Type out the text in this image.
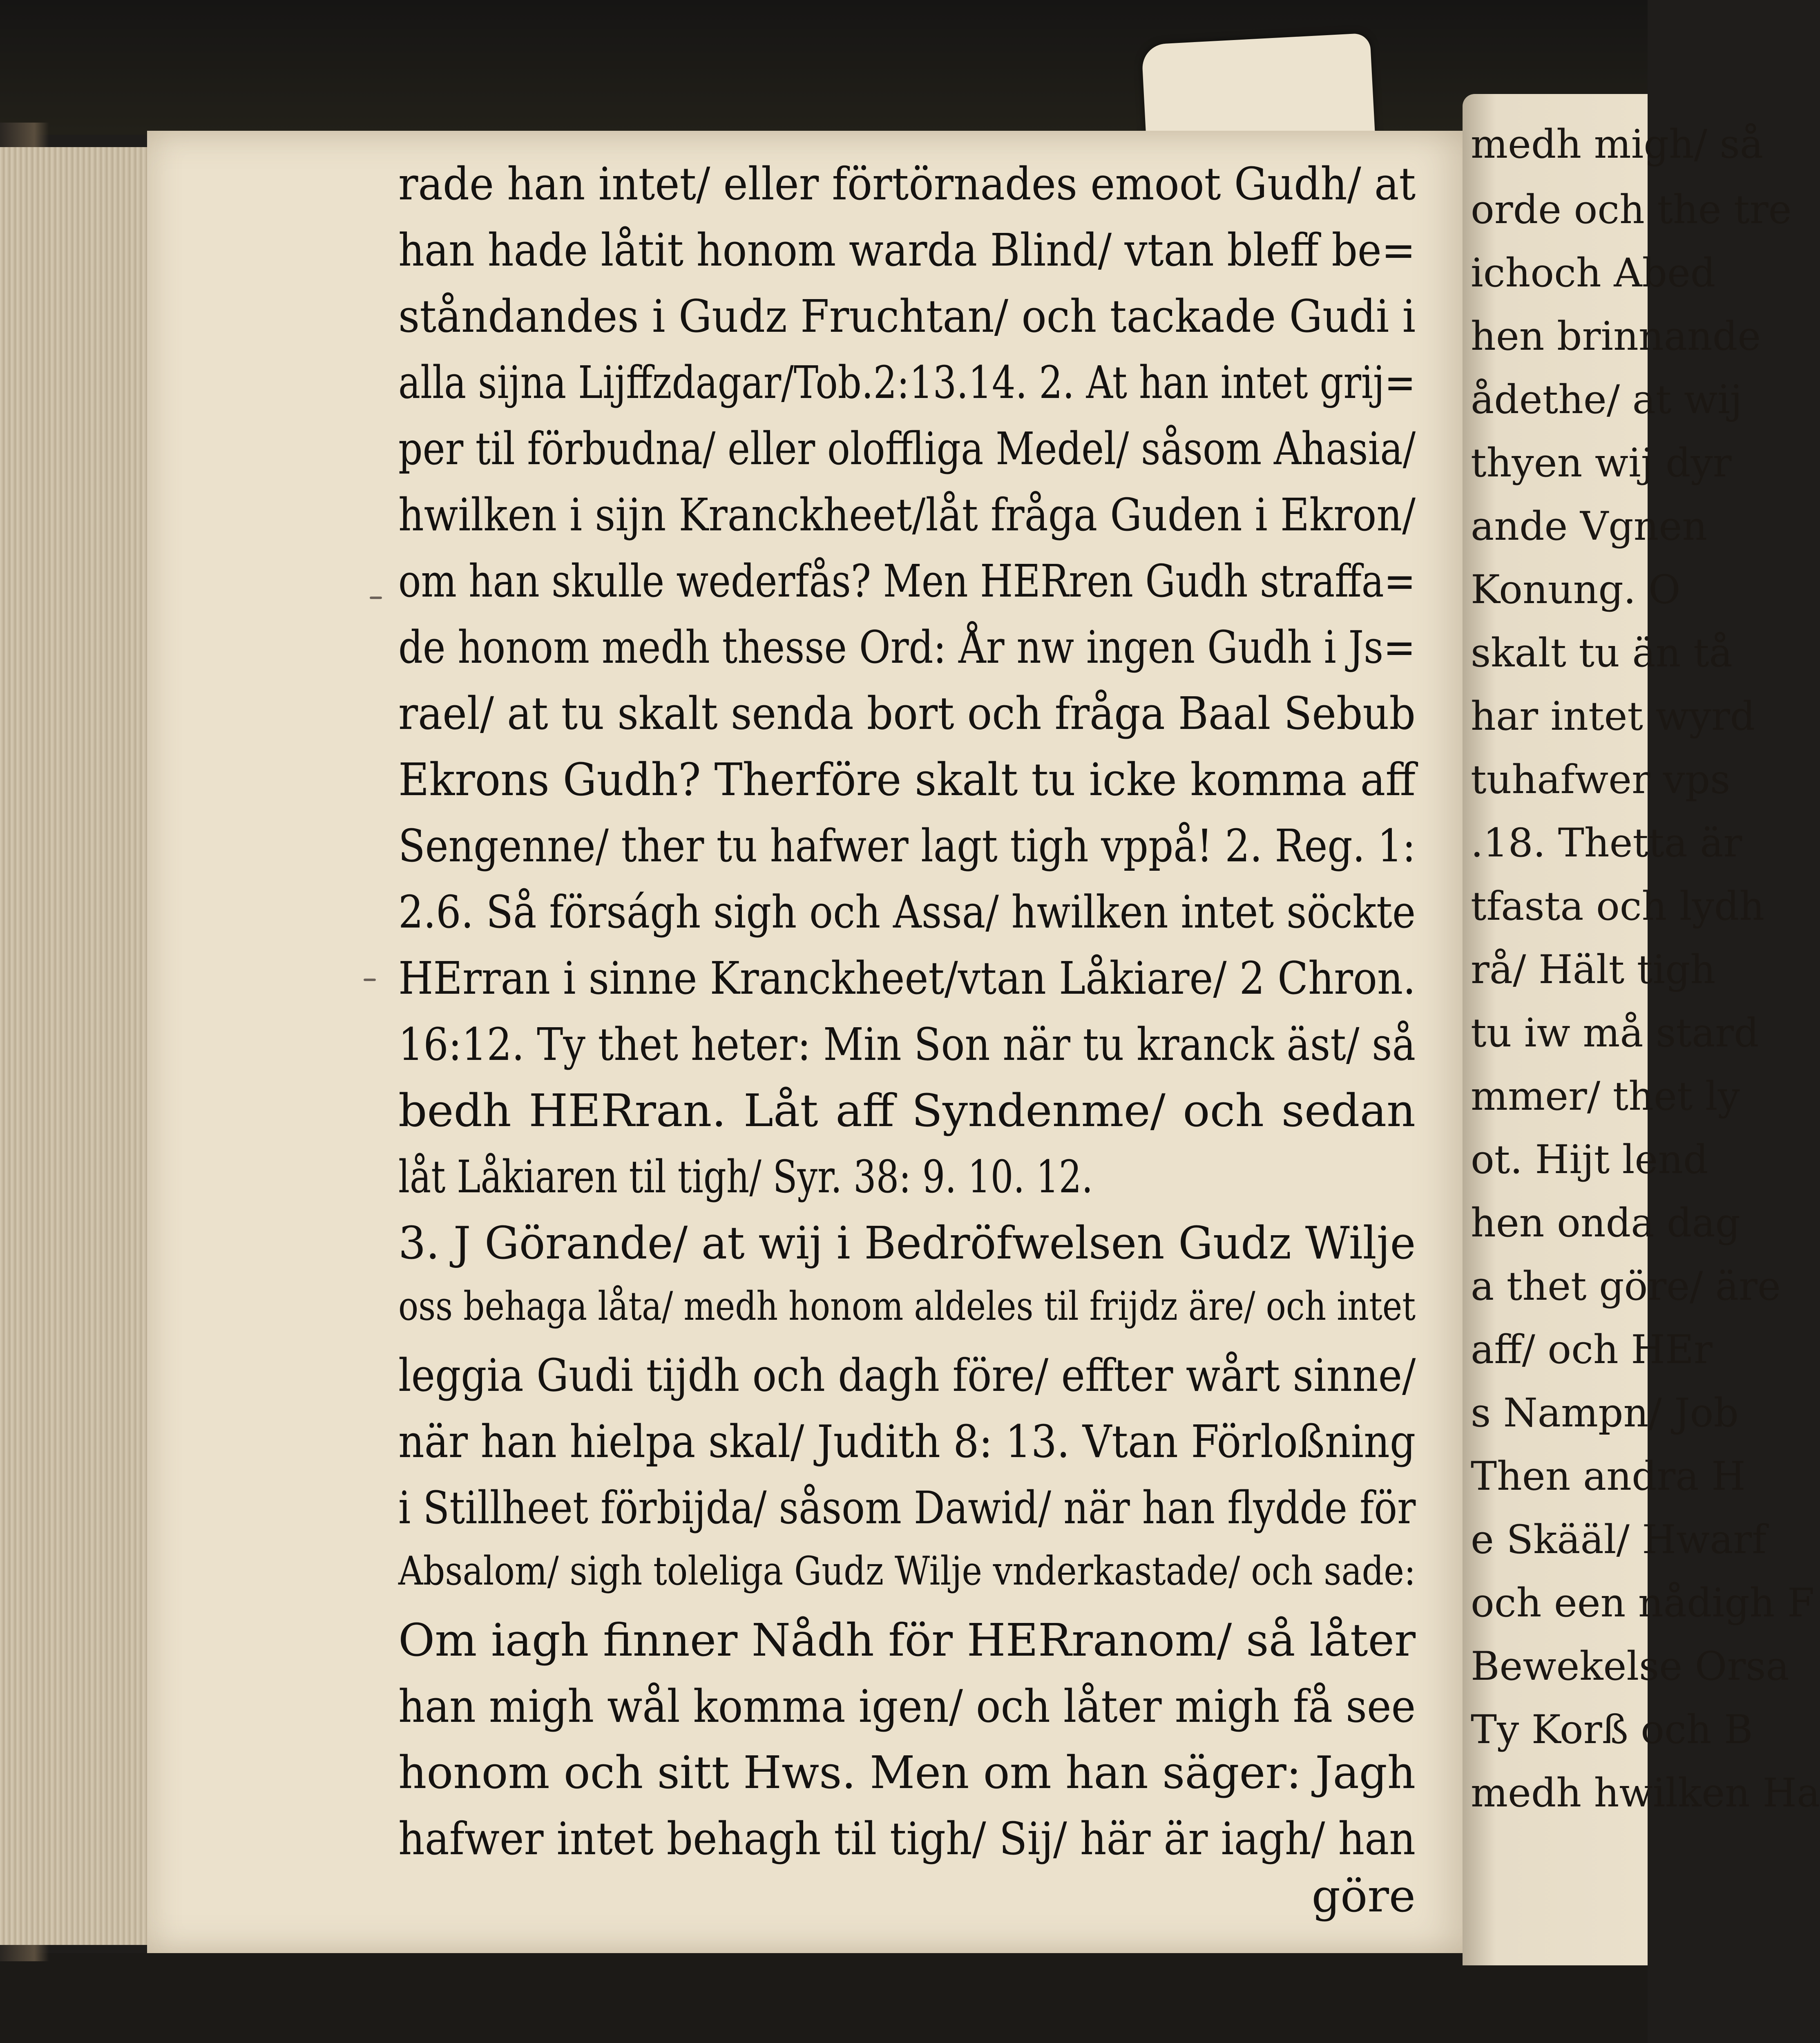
rade han intet/ eller förtörnades emoot Gudh/ at
han hade låtit honom warda Blind/ vtan bleff be=
ståndandes i Gudz Fruchtan/ och tackade Gudi i
alla sijna Lijffzdagar/Tob.2:13.14. 2. At han intet grij=
per til förbudna/ eller oloffliga Medel/ såsom Ahasia/
hwilken i sijn Kranckheet/låt fråga Guden i Ekron/
om han skulle wederfås? Men HERren Gudh straffa=
de honom medh thesse Ord: År nw ingen Gudh i Js=
rael/ at tu skalt senda bort och fråga Baal Sebub
Ekrons Gudh? Therföre skalt tu icke komma aff
Sengenne/ ther tu hafwer lagt tigh vppå! 2. Reg. 1:
2.6. Så förságh sigh och Assa/ hwilken intet söckte
HErran i sinne Kranckheet/vtan Låkiare/ 2 Chron.
16:12. Ty thet heter: Min Son när tu kranck äst/ så
bedh HERran. Låt aff Syndenme/ och sedan
låt Låkiaren til tigh/ Syr. 38: 9. 10. 12.
3. J Görande/ at wij i Bedröfwelsen Gudz Wilje
oss behaga låta/ medh honom aldeles til frijdz äre/ och intet
leggia Gudi tijdh och dagh före/ effter wårt sinne/
när han hielpa skal/ Judith 8: 13. Vtan Förloßning
i Stillheet förbijda/ såsom Dawid/ när han flydde för
Absalom/ sigh toleliga Gudz Wilje vnderkastade/ och sade:
Om iagh finner Nådh för HERranom/ så låter
han migh wål komma igen/ och låter migh få see
honom och sitt Hws. Men om han säger: Jagh
hafwer intet behagh til tigh/ Sij/ här är iagh/ han
göre
medh migh/ så
orde och the tre
ichoch Abed
hen brinnande
ådethe/ at wij
thyen wij dyr
ande Vgnen
Konung. O
skalt tu än tå
har intet wyrd
tuhafwer vps
.18. Thetta är
tfasta och lydh
rå/ Hält tigh
tu iw må stard
mmer/ thet ly
ot. Hijt lend
hen onda dag
a thet göre/ äre
aff/ och HEr
s Nampn/ Job
Then andra H
e Skääl/ Hwarf
och een nådigh F
Bewekelse Orsa
Ty Korß och B
medh hwilken Ha
